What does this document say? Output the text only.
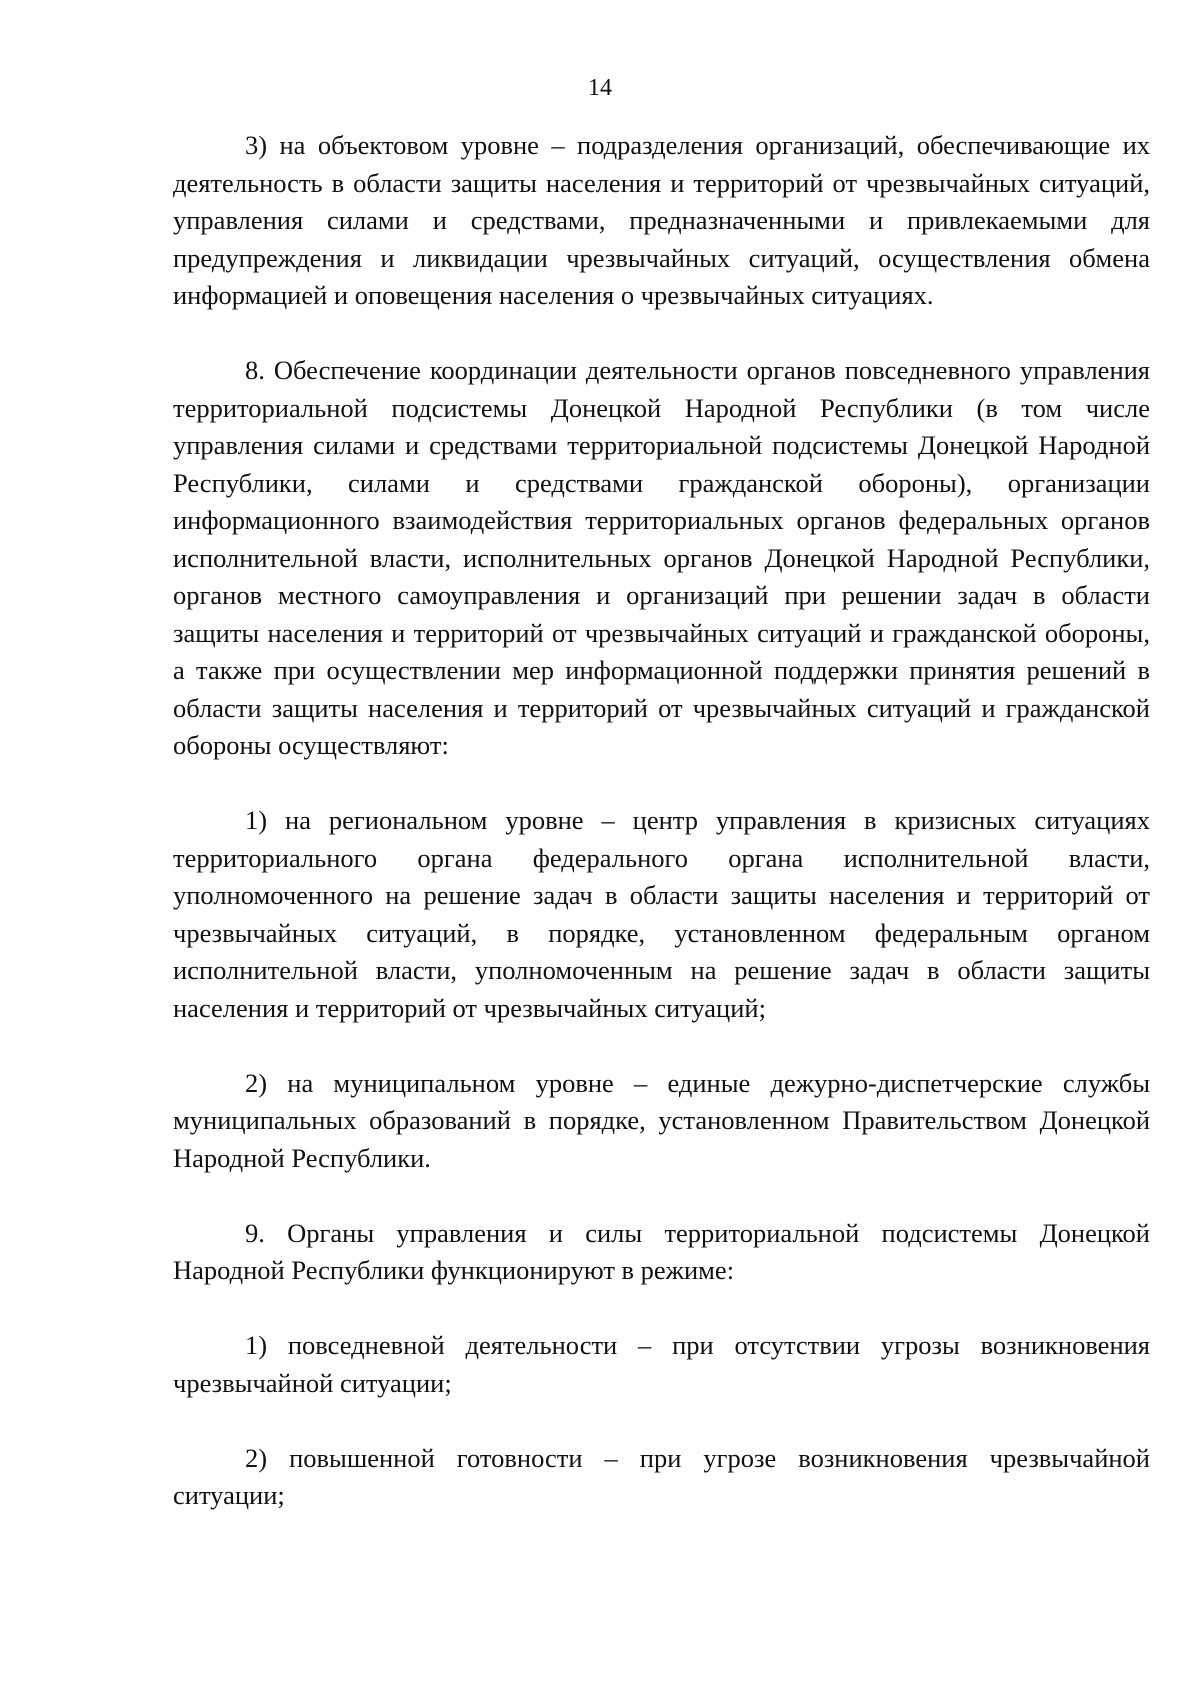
14

3) на объектовом уровне – подразделения организаций, обеспечивающие их деятельность в области защиты населения и территорий от чрезвычайных ситуаций, управления силами и средствами, предназначенными и привлекаемыми для предупреждения и ликвидации чрезвычайных ситуаций, осуществления обмена информацией и оповещения населения о чрезвычайных ситуациях.

8. Обеспечение координации деятельности органов повседневного управления территориальной подсистемы Донецкой Народной Республики (в том числе управления силами и средствами территориальной подсистемы Донецкой Народной Республики, силами и средствами гражданской обороны), организации информационного взаимодействия территориальных органов федеральных органов исполнительной власти, исполнительных органов Донецкой Народной Республики, органов местного самоуправления и организаций при решении задач в области защиты населения и территорий от чрезвычайных ситуаций и гражданской обороны, а также при осуществлении мер информационной поддержки принятия решений в области защиты населения и территорий от чрезвычайных ситуаций и гражданской обороны осуществляют:

1) на региональном уровне – центр управления в кризисных ситуациях территориального органа федерального органа исполнительной власти, уполномоченного на решение задач в области защиты населения и территорий от чрезвычайных ситуаций, в порядке, установленном федеральным органом исполнительной власти, уполномоченным на решение задач в области защиты населения и территорий от чрезвычайных ситуаций;

2) на муниципальном уровне – единые дежурно-диспетчерские службы муниципальных образований в порядке, установленном Правительством Донецкой Народной Республики.

9. Органы управления и силы территориальной подсистемы Донецкой Народной Республики функционируют в режиме:

1) повседневной деятельности – при отсутствии угрозы возникновения чрезвычайной ситуации;

2) повышенной готовности – при угрозе возникновения чрезвычайной ситуации;
